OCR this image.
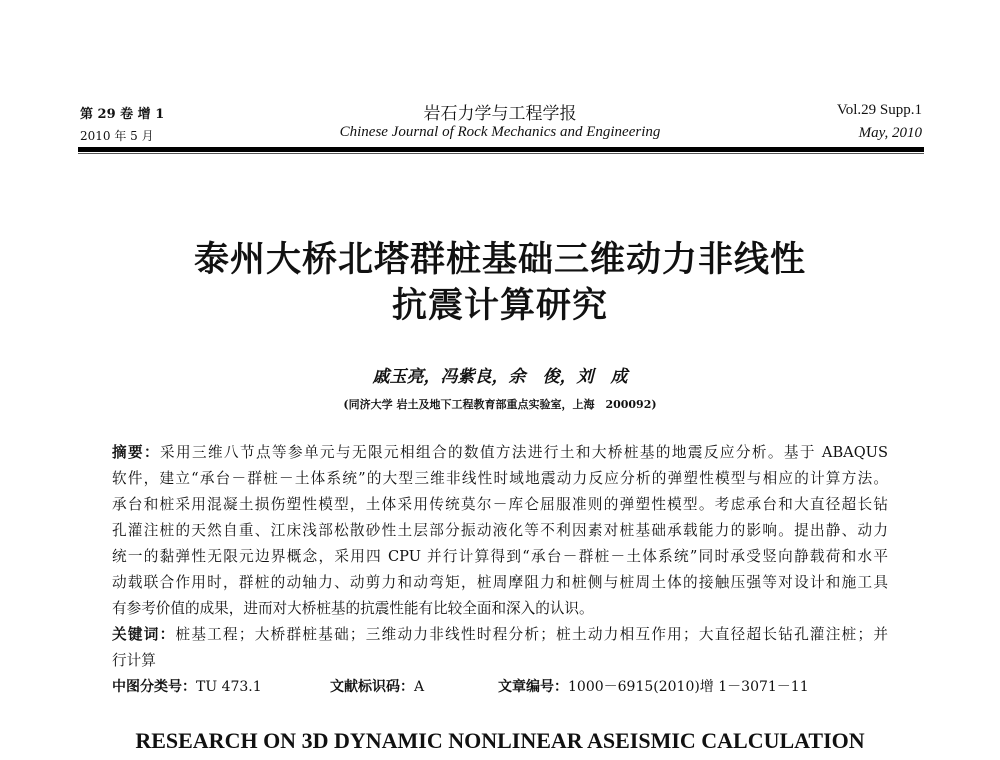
第 29 卷 增 1
2010 年 5 月
岩石力学与工程学报
Chinese Journal of Rock Mechanics and Engineering
Vol.29 Supp.1
May, 2010
泰州大桥北塔群桩基础三维动力非线性
抗震计算研究
戚玉亮，冯紫良，余　俊，刘　成
(同济大学 岩土及地下工程教育部重点实验室，上海　200092)
摘要：采用三维八节点等参单元与无限元相组合的数值方法进行土和大桥桩基的地震反应分析。基于 ABAQUS
软件，建立“承台－群桩－土体系统”的大型三维非线性时域地震动力反应分析的弹塑性模型与相应的计算方法。
承台和桩采用混凝土损伤塑性模型，土体采用传统莫尔－库仑屈服准则的弹塑性模型。考虑承台和大直径超长钻
孔灌注桩的天然自重、江床浅部松散砂性土层部分振动液化等不利因素对桩基础承载能力的影响。提出静、动力
统一的黏弹性无限元边界概念，采用四 CPU 并行计算得到“承台－群桩－土体系统”同时承受竖向静载荷和水平
动载联合作用时，群桩的动轴力、动剪力和动弯矩，桩周摩阻力和桩侧与桩周土体的接触压强等对设计和施工具
有参考价值的成果，进而对大桥桩基的抗震性能有比较全面和深入的认识。
关键词：桩基工程；大桥群桩基础；三维动力非线性时程分析；桩土动力相互作用；大直径超长钻孔灌注桩；并
行计算
中图分类号：TU 473.1	文献标识码：A	文章编号：1000－6915(2010)增 1－3071－11
RESEARCH ON 3D DYNAMIC NONLINEAR ASEISMIC CALCULATION
